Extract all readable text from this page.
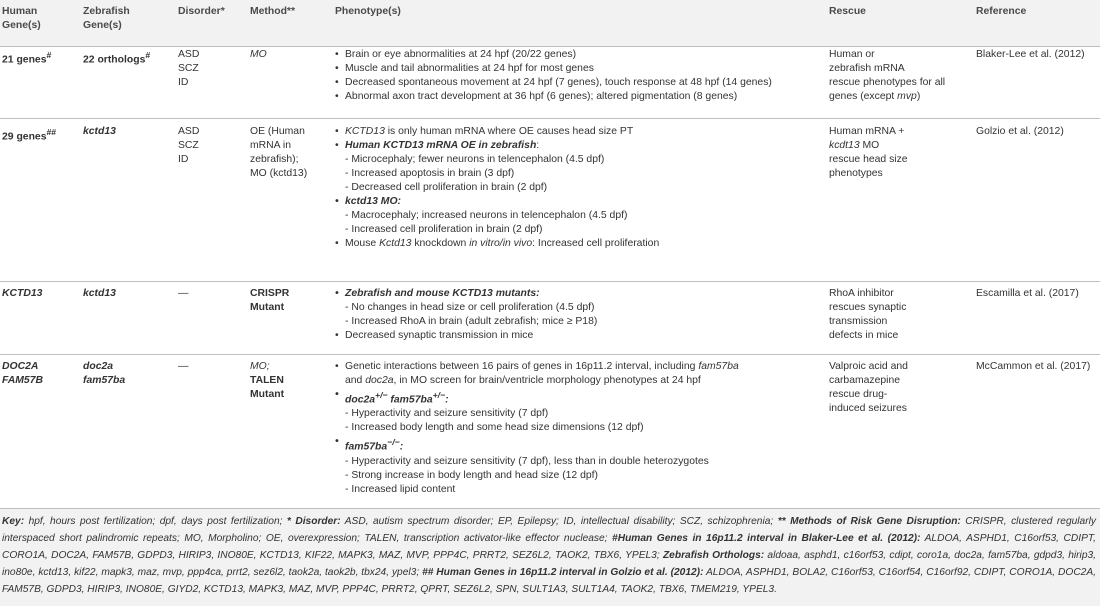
Human
Gene(s)
Zebrafish
Gene(s)
Disorder* Method**	Phenotype(s)	Rescue	Reference
21 genes#	22 orthologs#	ASD
SCZ
ID
MO
•	Brain or eye abnormalities at 24 hpf (20/22 genes)
• Muscle and tail abnormalities at 24 hpf for most genes
• Decreased spontaneous movement at 24 hpf (7 genes), touch response at 48 hpf (14 genes)
• Abnormal axon tract development at 36 hpf (6 genes); altered pigmentation (8 genes)
Human or
zebrafish mRNA
rescue phenotypes for all
genes (except mvp)
Blaker-Lee et al. (2012)
29 genes##	kctd13	ASD
SCZ
ID
OE (Human
mRNA in
zebrafish);
MO (kctd13)
• KCTD13 is only human mRNA where OE causes head size PT
• Human KCTD13 mRNA OE in zebrafish:
- Microcephaly; fewer neurons in telencephalon (4.5 dpf)
- Increased apoptosis in brain (3 dpf)
- Decreased cell proliferation in brain (2 dpf)
• kctd13 MO:
- Macrocephaly; increased neurons in telencephalon (4.5 dpf)
- Increased cell proliferation in brain (2 dpf)
• Mouse Kctd13 knockdown in vitro/in vivo: Increased cell proliferation
Human mRNA +
kcdt13 MO
rescue head size
phenotypes
Golzio et al. (2012)
KCTD13	kctd13	—	CRISPR
Mutant
• Zebrafish and mouse KCTD13 mutants:
- No changes in head size or cell proliferation (4.5 dpf)
- Increased RhoA in brain (adult zebrafish; mice ≥ P18)
• Decreased synaptic transmission in mice
RhoA inhibitor
rescues synaptic
transmission
defects in mice
Escamilla et al. (2017)
DOC2A
FAM57B
doc2a
fam57ba
—	MO;
TALEN
Mutant
• Genetic interactions between 16 pairs of genes in 16p11.2 interval, including fam57ba
and doc2a, in MO screen for brain/ventricle morphology phenotypes at 24 hpf
• doc2a+/− fam57ba+/−:
- Hyperactivity and seizure sensitivity (7 dpf)
- Increased body length and some head size dimensions (12 dpf)
• fam57ba−/−:
- Hyperactivity and seizure sensitivity (7 dpf), less than in double heterozygotes
- Strong increase in body length and head size (12 dpf)
- Increased lipid content
Valproic acid and
carbamazepine
rescue drug-
induced seizures
McCammon et al. (2017)
Key: hpf, hours post fertilization; dpf, days post fertilization; * Disorder: ASD, autism spectrum disorder; EP, Epilepsy; ID, intellectual disability; SCZ, schizophrenia; ** Methods of Risk Gene Disruption: CRISPR, clustered regularly interspaced short palindromic repeats; MO, Morpholino; OE, overexpression; TALEN, transcription activator-like effector nuclease; #Human Genes in 16p11.2 interval in Blaker-Lee et al. (2012): ALDOA, ASPHD1, C16orf53, CDIPT, CORO1A, DOC2A, FAM57B, GDPD3, HIRIP3, INO80E, KCTD13, KIF22, MAPK3, MAZ, MVP, PPP4C, PRRT2, SEZ6L2, TAOK2, TBX6, YPEL3; Zebrafish Orthologs: aldoaa, asphd1, c16orf53, cdipt, coro1a, doc2a, fam57ba, gdpd3, hirip3, ino80e, kctd13, kif22, mapk3, maz, mvp, ppp4ca, prrt2, sez6l2, taok2a, taok2b, tbx24, ypel3; ## Human Genes in 16p11.2 interval in Golzio et al. (2012): ALDOA, ASPHD1, BOLA2, C16orf53, C16orf54, C16orf92, CDIPT, CORO1A, DOC2A, FAM57B, GDPD3, HIRIP3, INO80E, GIYD2, KCTD13, MAPK3, MAZ, MVP, PPP4C, PRRT2, QPRT, SEZ6L2, SPN, SULT1A3, SULT1A4, TAOK2, TBX6, TMEM219, YPEL3.
